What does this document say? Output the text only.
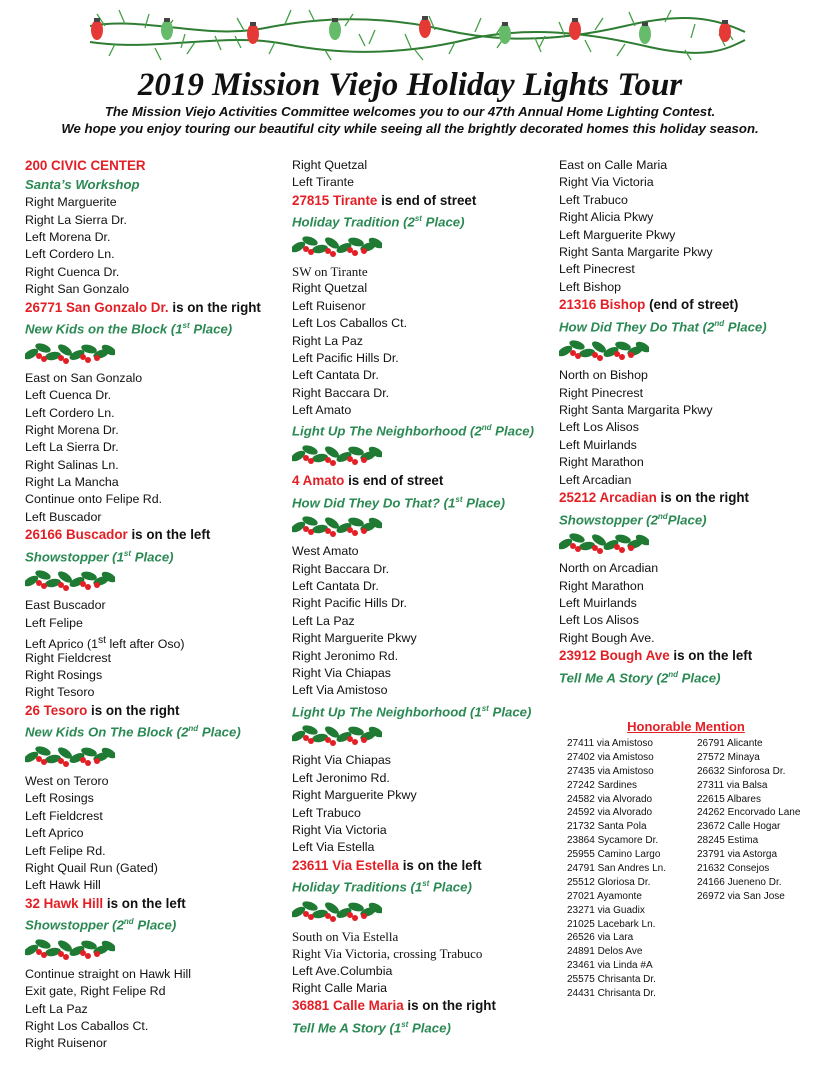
2019 Mission Viejo Holiday Lights Tour
The Mission Viejo Activities Committee welcomes you to our 47th Annual Home Lighting Contest.
We hope you enjoy touring our beautiful city while seeing all the brightly decorated homes this holiday season.
200 CIVIC CENTER
Santa’s Workshop
Right Marguerite
Right La Sierra Dr.
Left Morena Dr.
Left Cordero Ln.
Right Cuenca Dr.
Right San Gonzalo
26771 San Gonzalo Dr. is on the right
New Kids on the Block (1st Place)
East on San Gonzalo
Left Cuenca Dr.
Left Cordero Ln.
Right Morena Dr.
Left La Sierra Dr.
Right Salinas Ln.
Right La Mancha
Continue onto Felipe Rd.
Left Buscador
26166 Buscador is on the left
Showstopper (1st Place)
East Buscador
Left Felipe
Left Aprico (1st left after Oso)
Right Fieldcrest
Right Rosings
Right Tesoro
26 Tesoro is on the right
New Kids On The Block (2nd Place)
West on Teroro
Left Rosings
Left Fieldcrest
Left Aprico
Left Felipe Rd.
Right Quail Run (Gated)
Left Hawk Hill
32 Hawk Hill is on the left
Showstopper (2nd Place)
Continue straight on Hawk Hill
Exit gate, Right Felipe Rd
Left La Paz
Right Los Caballos Ct.
Right Ruisenor
Right Quetzal
Left Tirante
27815 Tirante is end of street
Holiday Tradition (2st Place)
SW on Tirante
Right Quetzal
Left Ruisenor
Left Los Caballos Ct.
Right La Paz
Left Pacific Hills Dr.
Left Cantata Dr.
Right Baccara Dr.
Left Amato
Light Up The Neighborhood (2nd Place)
4 Amato is end of street
How Did They Do That? (1st Place)
West Amato
Right Baccara Dr.
Left Cantata Dr.
Right Pacific Hills Dr.
Left La Paz
Right Marguerite Pkwy
Right Jeronimo Rd.
Right Via Chiapas
Left Via Amistoso
Light Up The Neighborhood (1st Place)
Right Via Chiapas
Left Jeronimo Rd.
Right Marguerite Pkwy
Left Trabuco
Right Via Victoria
Left Via Estella
23611 Via Estella is on the left
Holiday Traditions (1st Place)
South on Via Estella
Right Via Victoria, crossing Trabuco
Left Ave.Columbia
Right Calle Maria
36881 Calle Maria is on the right
Tell Me A Story (1st Place)
East on Calle Maria
Right Via Victoria
Left Trabuco
Right Alicia Pkwy
Left Marguerite Pkwy
Right Santa Margarite Pkwy
Left Pinecrest
Left Bishop
21316 Bishop (end of street)
How Did They Do That (2nd Place)
North on Bishop
Right Pinecrest
Right Santa Margarita Pkwy
Left Los Alisos
Left Muirlands
Right Marathon
Left Arcadian
25212 Arcadian is on the right
Showstopper (2ndPlace)
North on Arcadian
Right Marathon
Left Muirlands
Left Los Alisos
Right Bough Ave.
23912 Bough Ave is on the left
Tell Me A Story (2nd Place)
Honorable Mention
27411 via Amistoso
27402 via Amistoso
27435 via Amistoso
27242 Sardines
24582 via Alvorado
24592 via Alvorado
21732 Santa Pola
23864 Sycamore Dr.
25955 Camino Largo
24791 San Andres Ln.
25512 Gloriosa Dr.
27021 Ayamonte
23271 via Guadix
21025 Lacebark Ln.
26526 via Lara
24891 Delos Ave
23461 via Linda #A
25575 Chrisanta Dr.
24431 Chrisanta Dr.
26791 Alicante
27572 Minaya
26632 Sinforosa Dr.
27311 via Balsa
22615 Albares
24262 Encorvado Lane
23672 Calle Hogar
28245 Estima
23791 via Astorga
21632 Consejos
24166 Jueneno Dr.
26972 via San Jose
